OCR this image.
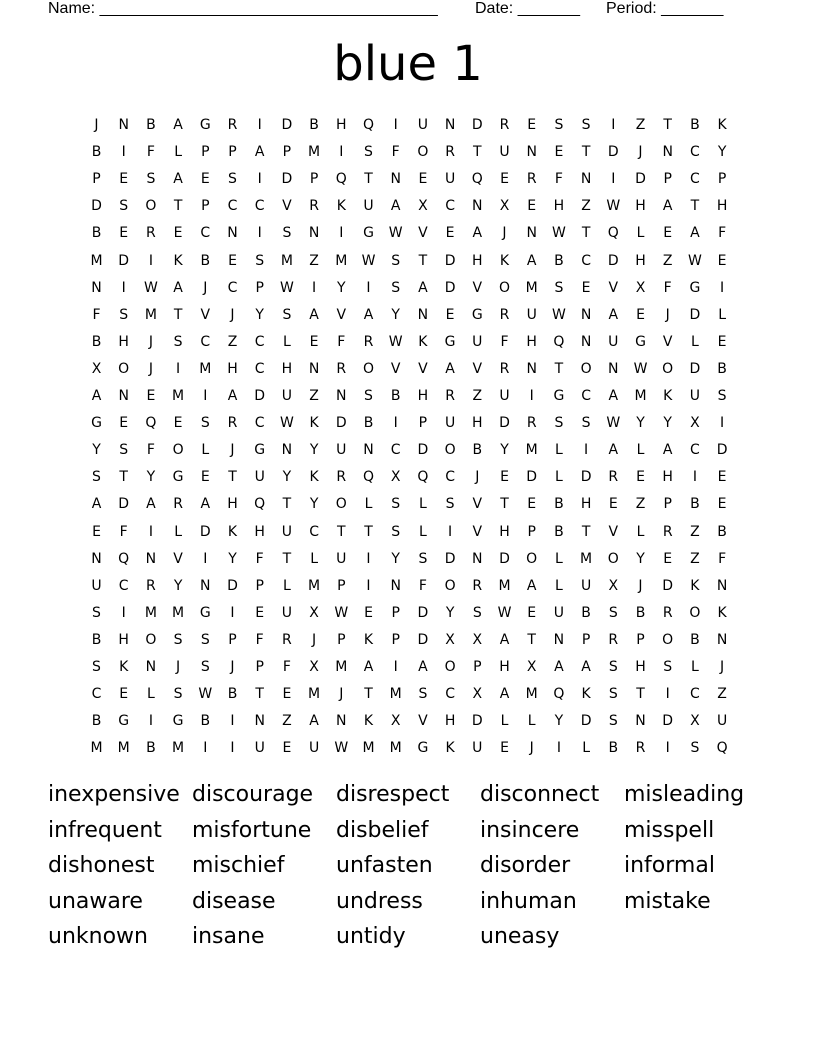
Name: ______________________________________

Date: _______

Period: _______

blue 1
J	N	B	A	G	R	I	D	B	H	Q	I	U	N	D	R	E	S	S	I	Z	T	B	K
B	I	F	L	P	P	A	P	M	I	S	F	O	R	T	U	N	E	T	D	J	N	C	Y
P	E	S	A	E	S	I	D	P	Q	T	N	E	U	Q	E	R	F	N	I	D	P	C	P
D	S	O	T	P	C	C	V	R	K	U	A	X	C	N	X	E	H	Z	W	H	A	T	H
B	E	R	E	C	N	I	S	N	I	G	W	V	E	A	J	N	W	T	Q	L	E	A	F
M	D	I	K	B	E	S	M	Z	M	W	S	T	D	H	K	A	B	C	D	H	Z	W	E
N	I	W	A	J	C	P	W	I	Y	I	S	A	D	V	O	M	S	E	V	X	F	G	I
F	S	M	T	V	J	Y	S	A	V	A	Y	N	E	G	R	U	W	N	A	E	J	D	L
B	H	J	S	C	Z	C	L	E	F	R	W	K	G	U	F	H	Q	N	U	G	V	L	E
X	O	J	I	M	H	C	H	N	R	O	V	V	A	V	R	N	T	O	N	W	O	D	B
A	N	E	M	I	A	D	U	Z	N	S	B	H	R	Z	U	I	G	C	A	M	K	U	S
G	E	Q	E	S	R	C	W	K	D	B	I	P	U	H	D	R	S	S	W	Y	Y	X	I
Y	S	F	O	L	J	G	N	Y	U	N	C	D	O	B	Y	M	L	I	A	L	A	C	D
S	T	Y	G	E	T	U	Y	K	R	Q	X	Q	C	J	E	D	L	D	R	E	H	I	E
A	D	A	R	A	H	Q	T	Y	O	L	S	L	S	V	T	E	B	H	E	Z	P	B	E
E	F	I	L	D	K	H	U	C	T	T	S	L	I	V	H	P	B	T	V	L	R	Z	B
N	Q	N	V	I	Y	F	T	L	U	I	Y	S	D	N	D	O	L	M	O	Y	E	Z	F
U	C	R	Y	N	D	P	L	M	P	I	N	F	O	R	M	A	L	U	X	J	D	K	N
S	I	M	M	G	I	E	U	X	W	E	P	D	Y	S	W	E	U	B	S	B	R	O	K
B	H	O	S	S	P	F	R	J	P	K	P	D	X	X	A	T	N	P	R	P	O	B	N
S	K	N	J	S	J	P	F	X	M	A	I	A	O	P	H	X	A	A	S	H	S	L	J
C	E	L	S	W	B	T	E	M	J	T	M	S	C	X	A	M	Q	K	S	T	I	C	Z
B	G	I	G	B	I	N	Z	A	N	K	X	V	H	D	L	L	Y	D	S	N	D	X	U
M	M	B	M	I	I	U	E	U	W	M	M	G	K	U	E	J	I	L	B	R	I	S	Q
inexpensive
infrequent
dishonest
unaware
unknown
discourage
misfortune
mischief
disease
insane
disrespect
disbelief
unfasten
undress
untidy
disconnect
insincere
disorder
inhuman
uneasy
misleading
misspell
informal
mistake
